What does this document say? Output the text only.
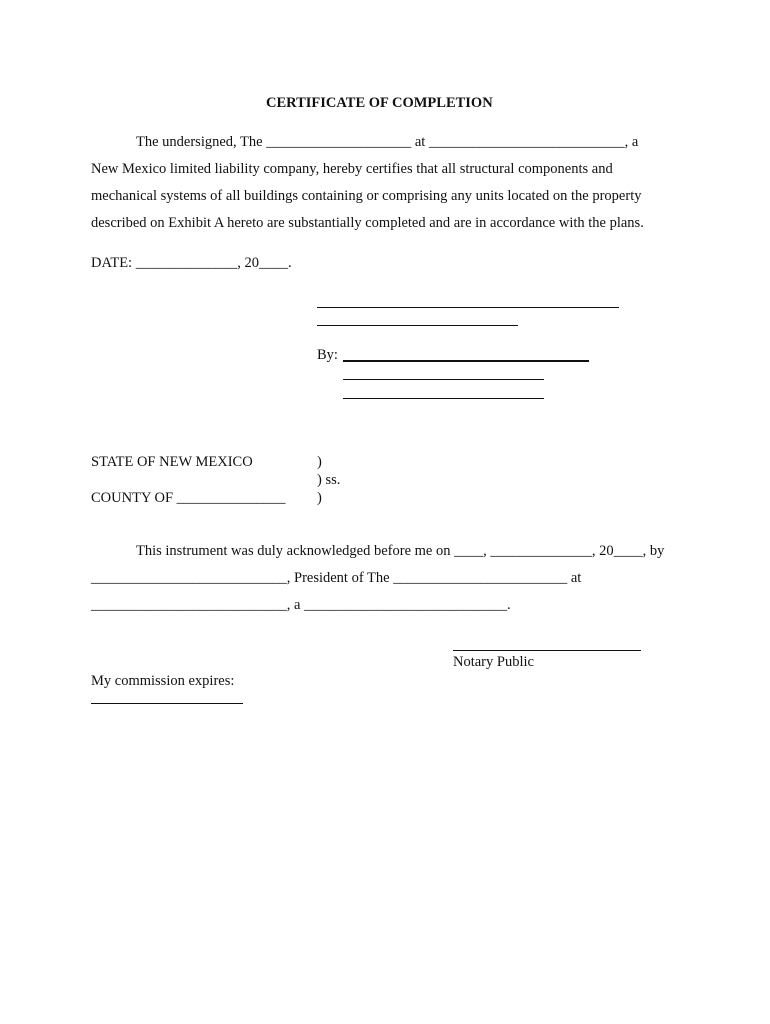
CERTIFICATE OF COMPLETION
The undersigned, The ____________________ at ___________________________, a
New Mexico limited liability company, hereby certifies that all structural components and
mechanical systems of all buildings containing or comprising any units located on the property
described on Exhibit A hereto are substantially completed and are in accordance with the plans.
DATE: ______________, 20____.
By:
STATE OF NEW MEXICO	)
) ss.
COUNTY OF _______________ )
This instrument was duly acknowledged before me on ____, ______________, 20____, by
___________________________, President of The ________________________ at
___________________________, a ____________________________.
Notary Public
My commission expires:
